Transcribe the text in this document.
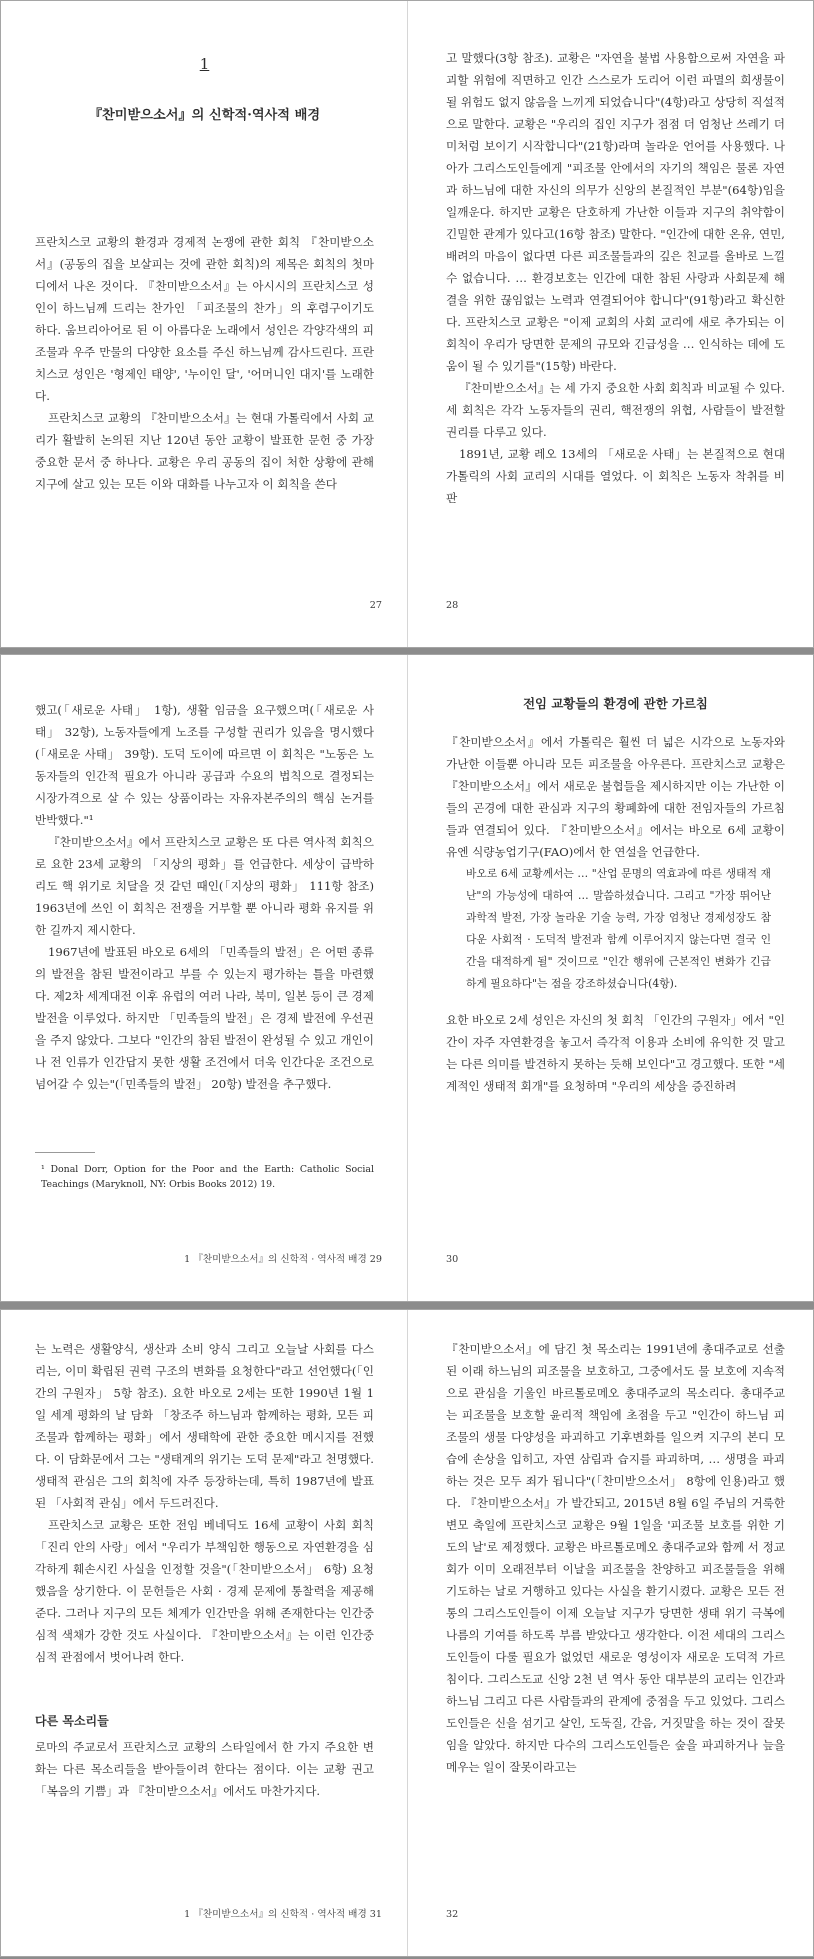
1

『찬미받으소서』의 신학적·역사적 배경

프란치스코 교황의 환경과 경제적 논쟁에 관한 회칙 『찬미받으소서』(공동의 집을 보살피는 것에 관한 회칙)의 제목은 회칙의 첫마디에서 나온 것이다. 『찬미받으소서』는 아시시의 프란치스코 성인이 하느님께 드리는 찬가인 「피조물의 찬가」의 후렴구이기도 하다. 움브리아어로 된 이 아름다운 노래에서 성인은 각양각색의 피조물과 우주 만물의 다양한 요소를 주신 하느님께 감사드린다. 프란치스코 성인은 '형제인 태양', '누이인 달', '어머니인 대지'를 노래한다.

프란치스코 교황의 『찬미받으소서』는 현대 가톨릭에서 사회 교리가 활발히 논의된 지난 120년 동안 교황이 발표한 문헌 중 가장 중요한 문서 중 하나다. 교황은 우리 공동의 집이 처한 상황에 관해 지구에 살고 있는 모든 이와 대화를 나누고자 이 회칙을 쓴다

27

고 말했다(3항 참조). 교황은 "자연을 불법 사용함으로써 자연을 파괴할 위험에 직면하고 인간 스스로가 도리어 이런 파멸의 희생물이 될 위험도 없지 않음을 느끼게 되었습니다"(4항)라고 상당히 직설적으로 말한다. 교황은 "우리의 집인 지구가 점점 더 엄청난 쓰레기 더미처럼 보이기 시작합니다"(21항)라며 놀라운 언어를 사용했다. 나아가 그리스도인들에게 "피조물 안에서의 자기의 책임은 물론 자연과 하느님에 대한 자신의 의무가 신앙의 본질적인 부분"(64항)임을 일깨운다. 하지만 교황은 단호하게 가난한 이들과 지구의 취약함이 긴밀한 관계가 있다고(16항 참조) 말한다. "인간에 대한 온유, 연민, 배려의 마음이 없다면 다른 피조물들과의 깊은 친교를 올바로 느낄 수 없습니다. … 환경보호는 인간에 대한 참된 사랑과 사회문제 해결을 위한 끊임없는 노력과 연결되어야 합니다"(91항)라고 확신한다. 프란치스코 교황은 "이제 교회의 사회 교리에 새로 추가되는 이 회칙이 우리가 당면한 문제의 규모와 긴급성을 … 인식하는 데에 도움이 될 수 있기를"(15항) 바란다.

『찬미받으소서』는 세 가지 중요한 사회 회칙과 비교될 수 있다. 세 회칙은 각각 노동자들의 권리, 핵전쟁의 위협, 사람들이 발전할 권리를 다루고 있다.

1891년, 교황 레오 13세의 「새로운 사태」는 본질적으로 현대 가톨릭의 사회 교리의 시대를 열었다. 이 회칙은 노동자 착취를 비판

28

했고(「새로운 사태」 1항), 생활 임금을 요구했으며(「새로운 사태」 32항), 노동자들에게 노조를 구성할 권리가 있음을 명시했다(「새로운 사태」 39항). 도덕 도이에 따르면 이 회칙은 "노동은 노동자들의 인간적 필요가 아니라 공급과 수요의 법칙으로 결정되는 시장가격으로 살 수 있는 상품이라는 자유자본주의의 핵심 논거를 반박했다."¹

『찬미받으소서』에서 프란치스코 교황은 또 다른 역사적 회칙으로 요한 23세 교황의 「지상의 평화」를 언급한다. 세상이 급박하리도 핵 위기로 치달을 것 같던 때인(「지상의 평화」 111항 참조) 1963년에 쓰인 이 회칙은 전쟁을 거부할 뿐 아니라 평화 유지를 위한 길까지 제시한다.

1967년에 발표된 바오로 6세의 「민족들의 발전」은 어떤 종류의 발전을 참된 발전이라고 부를 수 있는지 평가하는 틀을 마련했다. 제2차 세계대전 이후 유럽의 여러 나라, 북미, 일본 등이 큰 경제 발전을 이루었다. 하지만 「민족들의 발전」은 경제 발전에 우선권을 주지 않았다. 그보다 "인간의 참된 발전이 완성될 수 있고 개인이나 전 인류가 인간답지 못한 생활 조건에서 더욱 인간다운 조건으로 넘어갈 수 있는"(「민족들의 발전」 20항) 발전을 추구했다.

¹ Donal Dorr, Option for the Poor and the Earth: Catholic Social Teachings (Maryknoll, NY: Orbis Books 2012) 19.

1 『찬미받으소서』의 신학적 · 역사적 배경 29

전임 교황들의 환경에 관한 가르침

『찬미받으소서』에서 가톨릭은 훨씬 더 넓은 시각으로 노동자와 가난한 이들뿐 아니라 모든 피조물을 아우른다. 프란치스코 교황은 『찬미받으소서』에서 새로운 불협들을 제시하지만 이는 가난한 이들의 곤경에 대한 관심과 지구의 황폐화에 대한 전임자들의 가르침들과 연결되어 있다. 『찬미받으소서』에서는 바오로 6세 교황이 유엔 식량농업기구(FAO)에서 한 연설을 언급한다.

바오로 6세 교황께서는 … "산업 문명의 역효과에 따른 생태적 재난"의 가능성에 대하여 … 말씀하셨습니다. 그리고 "가장 뛰어난 과학적 발전, 가장 놀라운 기술 능력, 가장 엄청난 경제성장도 참다운 사회적 · 도덕적 발전과 함께 이루어지지 않는다면 결국 인간을 대적하게 될" 것이므로 "인간 행위에 근본적인 변화가 긴급하게 필요하다"는 점을 강조하셨습니다(4항).

요한 바오로 2세 성인은 자신의 첫 회칙 「인간의 구원자」에서 "인간이 자주 자연환경을 놓고서 즉각적 이용과 소비에 유익한 것 말고는 다른 의미를 발견하지 못하는 듯해 보인다"고 경고했다. 또한 "세계적인 생태적 회개"를 요청하며 "우리의 세상을 증진하려

30

는 노력은 생활양식, 생산과 소비 양식 그리고 오늘날 사회를 다스리는, 이미 확립된 권력 구조의 변화를 요청한다"라고 선언했다(「인간의 구원자」 5항 참조). 요한 바오로 2세는 또한 1990년 1월 1일 세계 평화의 날 담화 「창조주 하느님과 함께하는 평화, 모든 피조물과 함께하는 평화」에서 생태학에 관한 중요한 메시지를 전했다. 이 담화문에서 그는 "생태계의 위기는 도덕 문제"라고 천명했다. 생태적 관심은 그의 회칙에 자주 등장하는데, 특히 1987년에 발표된 「사회적 관심」에서 두드러진다.

프란치스코 교황은 또한 전임 베네딕도 16세 교황이 사회 회칙 「진리 안의 사랑」에서 "우리가 부책임한 행동으로 자연환경을 심각하게 훼손시킨 사실을 인정할 것을"(「찬미받으소서」 6항) 요청했음을 상기한다. 이 문헌들은 사회 · 경제 문제에 통찰력을 제공해준다. 그러나 지구의 모든 체계가 인간만을 위해 존재한다는 인간중심적 색채가 강한 것도 사실이다. 『찬미받으소서』는 이런 인간중심적 관점에서 벗어나려 한다.

다른 목소리들

로마의 주교로서 프란치스코 교황의 스타일에서 한 가지 주요한 변화는 다른 목소리들을 받아들이려 한다는 점이다. 이는 교황 권고 「복음의 기쁨」과 『찬미받으소서』에서도 마찬가지다.

1 『찬미받으소서』의 신학적 · 역사적 배경 31

『찬미받으소서』에 담긴 첫 목소리는 1991년에 총대주교로 선출된 이래 하느님의 피조물을 보호하고, 그중에서도 물 보호에 지속적으로 관심을 기울인 바르톨로메오 총대주교의 목소리다. 총대주교는 피조물을 보호할 윤리적 책임에 초점을 두고 "인간이 하느님 피조물의 생물 다양성을 파괴하고 기후변화를 일으켜 지구의 본디 모습에 손상을 입히고, 자연 삼림과 습지를 파괴하며, … 생명을 파괴하는 것은 모두 죄가 됩니다"(「찬미받으소서」 8항에 인용)라고 했다. 『찬미받으소서』가 발간되고, 2015년 8월 6일 주님의 거룩한 변모 축일에 프란치스코 교황은 9월 1일을 '피조물 보호를 위한 기도의 날'로 제정했다. 교황은 바르톨로메오 총대주교와 함께 서 정교회가 이미 오래전부터 이날을 피조물을 찬양하고 피조물들을 위해 기도하는 날로 거행하고 있다는 사실을 환기시켰다. 교황은 모든 전통의 그리스도인들이 이제 오늘날 지구가 당면한 생태 위기 극복에 나름의 기여를 하도록 부름 받았다고 생각한다. 이전 세대의 그리스도인들이 다룰 필요가 없었던 새로운 영성이자 새로운 도덕적 가르침이다. 그리스도교 신앙 2천 년 역사 동안 대부분의 교리는 인간과 하느님 그리고 다른 사람들과의 관계에 중점을 두고 있었다. 그리스도인들은 신을 섬기고 살인, 도둑질, 간음, 거짓말을 하는 것이 잘못임을 알았다. 하지만 다수의 그리스도인들은 숲을 파괴하거나 늪을 메우는 일이 잘못이라고는

32
